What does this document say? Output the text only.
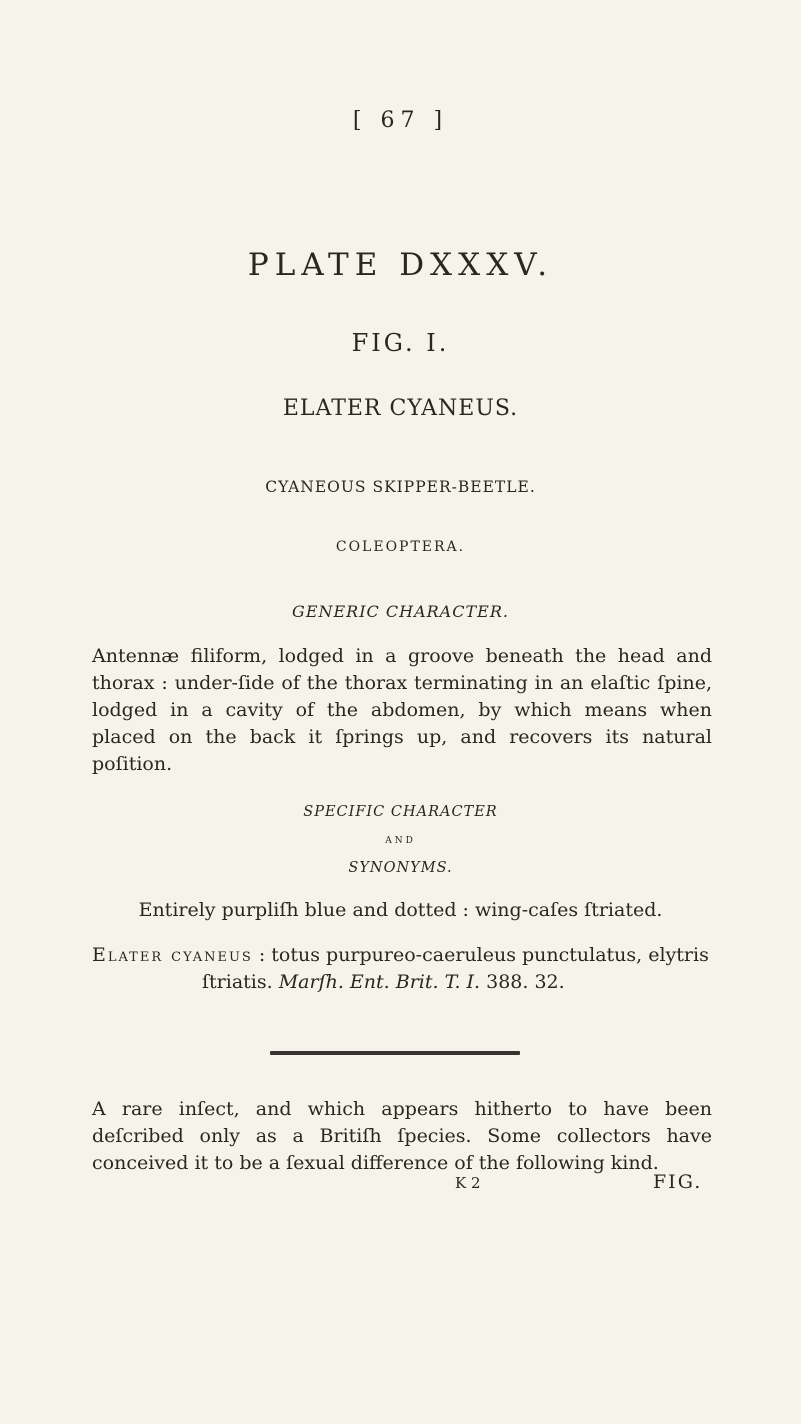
[ 67 ]
PLATE DXXXV.
FIG. I.
ELATER CYANEUS.
CYANEOUS SKIPPER-BEETLE.
COLEOPTERA.
GENERIC CHARACTER.
Antennæ filiform, lodged in a groove beneath the head and thorax : under-ſide of the thorax terminating in an elaſtic ſpine, lodged in a cavity of the abdomen, by which means when placed on the back it ſprings up, and recovers its natural poſition.
SPECIFIC CHARACTER
AND
SYNONYMS.
Entirely purpliſh blue and dotted : wing-caſes ſtriated.
Elater cyaneus : totus purpureo-caeruleus punctulatus, elytris
ſtriatis. Marſh. Ent. Brit. T. I. 388. 32.
A rare inſect, and which appears hitherto to have been deſcribed only as a Britiſh ſpecies. Some collectors have conceived it to be a ſexual difference of the following kind.
K 2	FIG.
